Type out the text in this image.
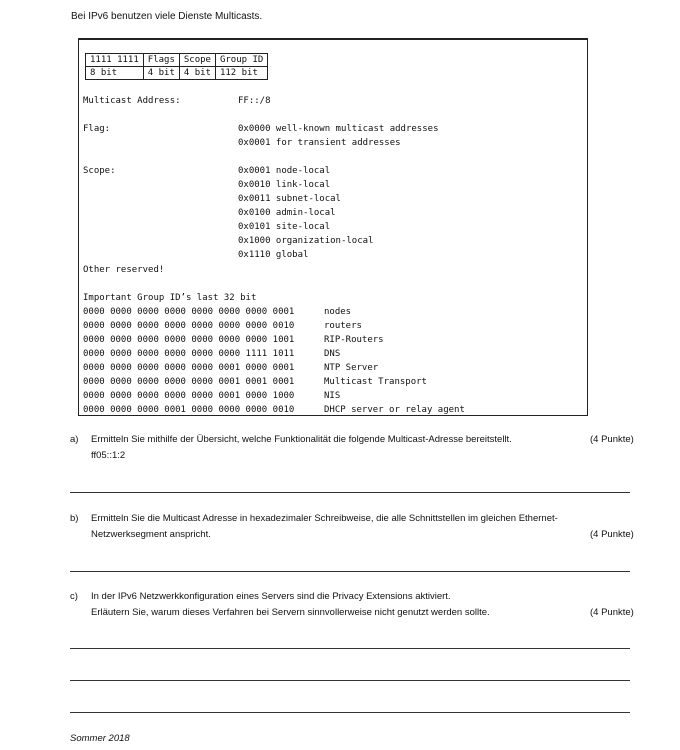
Bei IPv6 benutzen viele Dienste Multicasts.
1111 1111	Flags	Scope	Group ID
8 bit	4 bit	4 bit	112 bit
Multicast Address:	FF::/8
Flag:	0x0000 well-known multicast addresses
0x0001 for transient addresses
Scope:	0x0001 node-local
0x0010 link-local
0x0011 subnet-local
0x0100 admin-local
0x0101 site-local
0x1000 organization-local
0x1110 global
Other reserved!
Important Group ID’s last 32 bit
0000 0000 0000 0000 0000 0000 0000 0001	nodes
0000 0000 0000 0000 0000 0000 0000 0010	routers
0000 0000 0000 0000 0000 0000 0000 1001	RIP-Routers
0000 0000 0000 0000 0000 0000 1111 1011	DNS
0000 0000 0000 0000 0000 0001 0000 0001	NTP Server
0000 0000 0000 0000 0000 0001 0001 0001	Multicast Transport
0000 0000 0000 0000 0000 0001 0000 1000	NIS
0000 0000 0000 0001 0000 0000 0000 0010	DHCP server or relay agent
a) Ermitteln Sie mithilfe der Übersicht, welche Funktionalität die folgende Multicast-Adresse bereitstellt.	(4 Punkte)
ff05::1:2
b) Ermitteln Sie die Multicast Adresse in hexadezimaler Schreibweise, die alle Schnittstellen im gleichen Ethernet-
Netzwerksegment anspricht.	(4 Punkte)
c) In der IPv6 Netzwerkkonfiguration eines Servers sind die Privacy Extensions aktiviert.
Erläutern Sie, warum dieses Verfahren bei Servern sinnvollerweise nicht genutzt werden sollte.	(4 Punkte)
Sommer 2018
